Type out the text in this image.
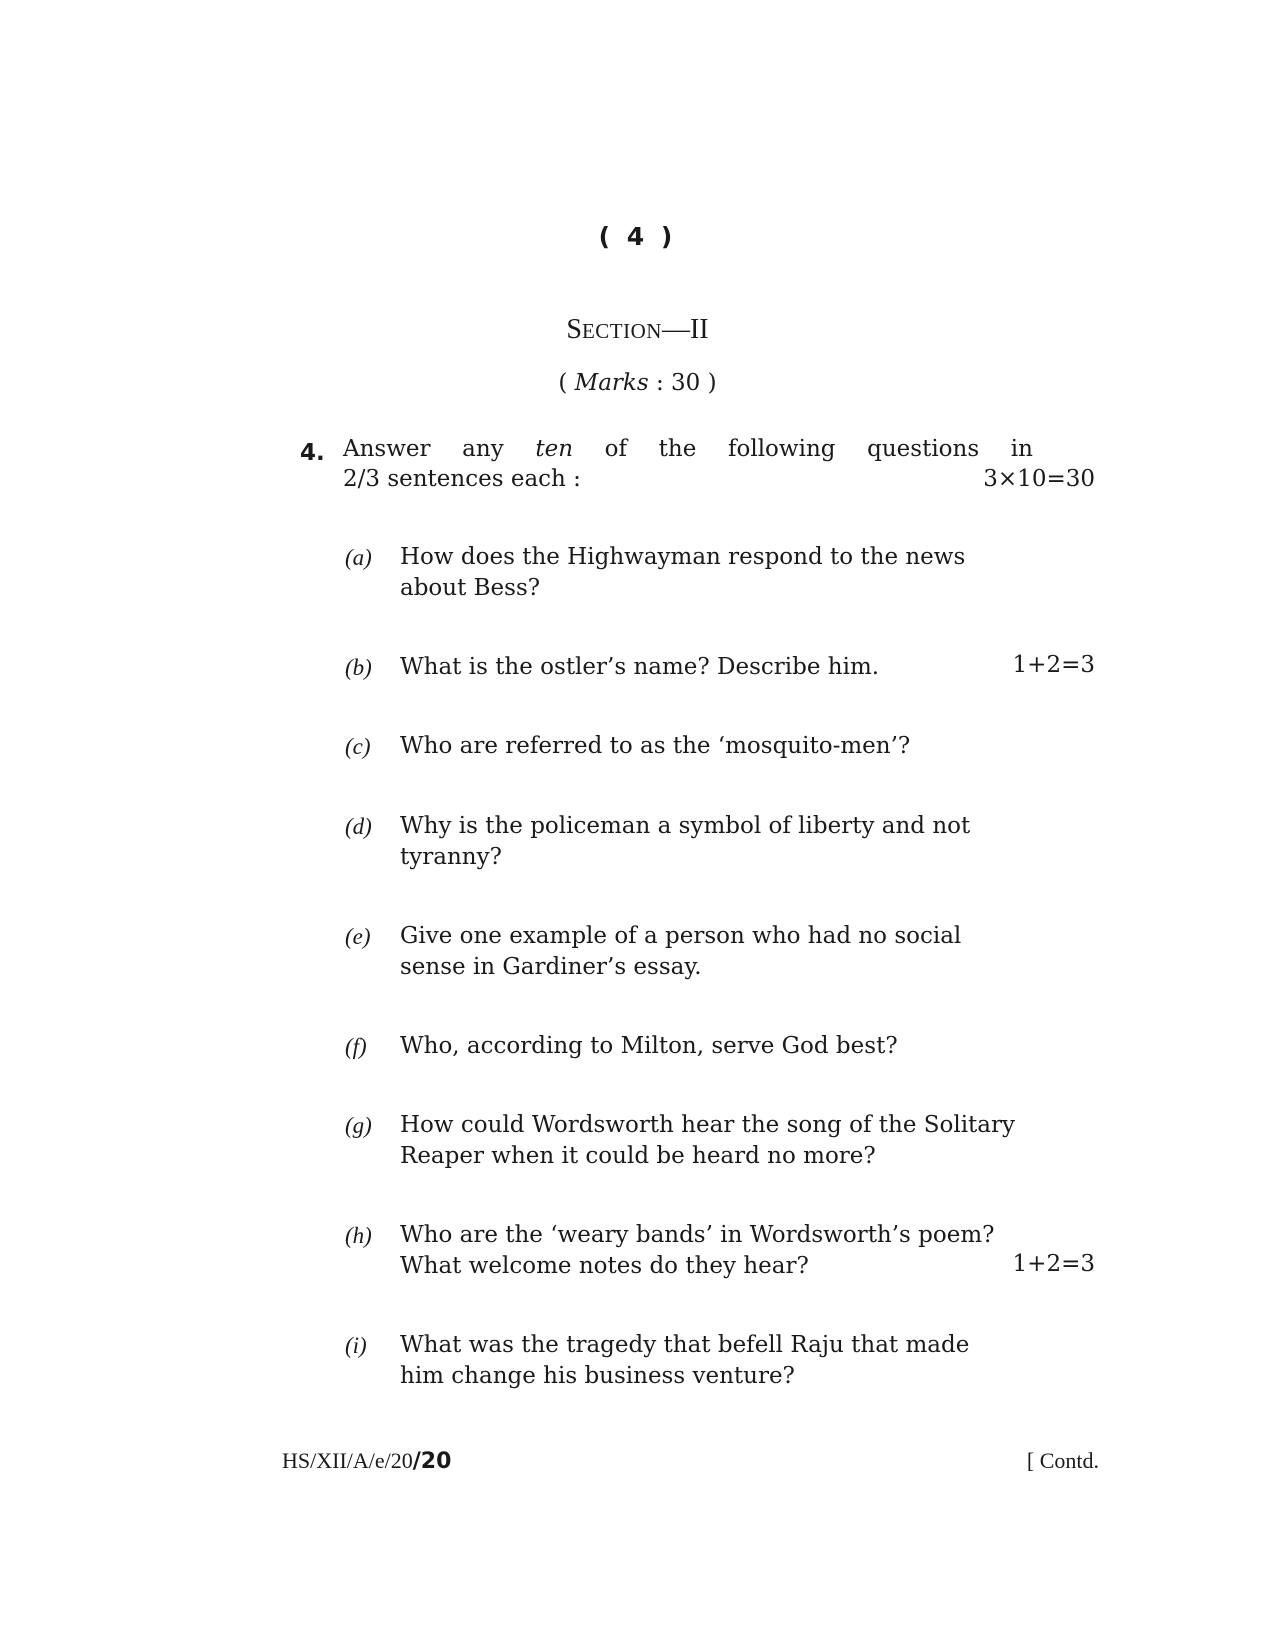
( 4 )
SECTION—II
( Marks : 30 )
4. Answer any ten of the following questions in
2/3 sentences each :	3×10=30
(a) How does the Highwayman respond to the news
about Bess?
(b) What is the ostler’s name? Describe him.	1+2=3
(c) Who are referred to as the ‘mosquito-men’?
(d) Why is the policeman a symbol of liberty and not
tyranny?
(e) Give one example of a person who had no social
sense in Gardiner’s essay.
(f) Who, according to Milton, serve God best?
(g) How could Wordsworth hear the song of the Solitary
Reaper when it could be heard no more?
(h) Who are the ‘weary bands’ in Wordsworth’s poem?
What welcome notes do they hear?	1+2=3
(i) What was the tragedy that befell Raju that made
him change his business venture?
HS/XII/A/e/20/20	[ Contd.
